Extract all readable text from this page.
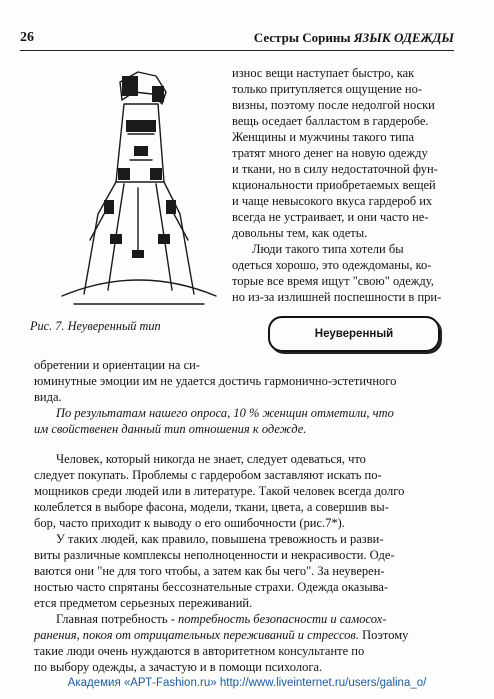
26	Сестры Сорины ЯЗЫК ОДЕЖДЫ
Рис. 7. Неуверенный тип
Неуверенный
износ вещи наступает быстро, как
только притупляется ощущение но-
визны, поэтому после недолгой носки
вещь оседает балластом в гардеробе.
Женщины и мужчины такого типа
тратят много денег на новую одежду
и ткани, но в силу недостаточной фун-
кциональности приобретаемых вещей
и чаще невысокого вкуса гардероб их
всегда не устраивает, и они часто не-
довольны тем, как одеты.
Люди такого типа хотели бы
одеться хорошо, это одеждоманы, ко-
торые все время ищут "свою" одежду,
но из-за излишней поспешности в при-
обретении и ориентации на си-
юминутные эмоции им не удается достичь гармонично-эстетичного
вида.
По результатам нашего опроса, 10 % женщин отметили, что
им свойственен данный тип отношения к одежде.
Человек, который никогда не знает, следует одеваться, что
следует покупать. Проблемы с гардеробом заставляют искать по-
мощников среди людей или в литературе. Такой человек всегда долго
колеблется в выборе фасона, модели, ткани, цвета, а совершив вы-
бор, часто приходит к выводу о его ошибочности (рис.7*).
У таких людей, как правило, повышена тревожность и разви-
виты различные комплексы неполноценности и некрасивости. Оде-
ваются они "не для того чтобы, а затем как бы чего". За неуверен-
ностью часто спрятаны бессознательные страхи. Одежда оказыва-
ется предметом серьезных переживаний.
Главная потребность - потребность безопасности и самосох-
ранения, покоя от отрицательных переживаний и стрессов. Поэтому
такие люди очень нуждаются в авторитетном консультанте по
по выбору одежды, а зачастую и в помощи психолога.
Академия «АРТ-Fashion.ru» http://www.liveinternet.ru/users/galina_o/
